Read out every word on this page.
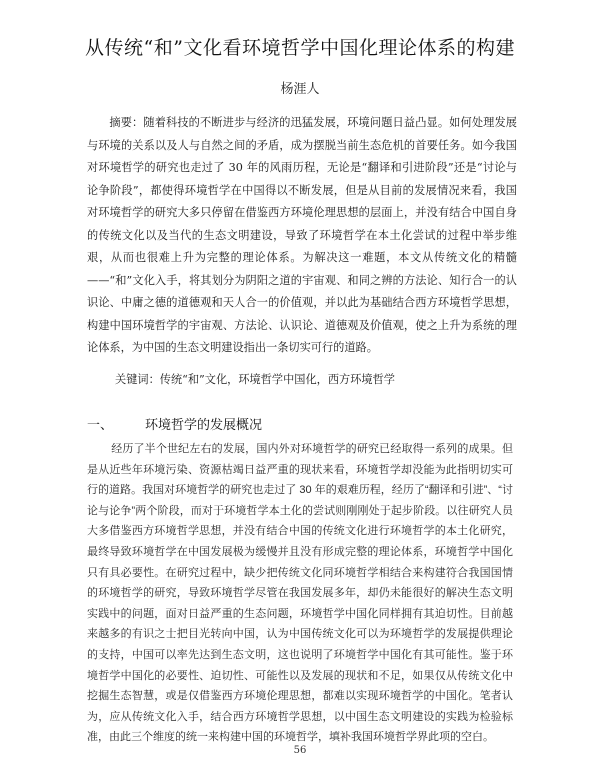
从传统“和”文化看环境哲学中国化理论体系的构建
杨涯人
摘要：随着科技的不断进步与经济的迅猛发展，环境问题日益凸显。如何处理发展与环境的关系以及人与自然之间的矛盾，成为摆脱当前生态危机的首要任务。如今我国对环境哲学的研究也走过了 30 年的风雨历程，无论是“翻译和引进阶段”还是“讨论与论争阶段”，都使得环境哲学在中国得以不断发展，但是从目前的发展情况来看，我国对环境哲学的研究大多只停留在借鉴西方环境伦理思想的层面上，并没有结合中国自身的传统文化以及当代的生态文明建设，导致了环境哲学在本土化尝试的过程中举步维艰，从而也很难上升为完整的理论体系。为解决这一难题，本文从传统文化的精髓——“和”文化入手，将其划分为阴阳之道的宇宙观、和同之辨的方法论、知行合一的认识论、中庸之德的道德观和天人合一的价值观，并以此为基础结合西方环境哲学思想，构建中国环境哲学的宇宙观、方法论、认识论、道德观及价值观，使之上升为系统的理论体系，为中国的生态文明建设指出一条切实可行的道路。
关键词：传统“和”文化，环境哲学中国化，西方环境哲学
一、 环境哲学的发展概况
经历了半个世纪左右的发展，国内外对环境哲学的研究已经取得一系列的成果。但是从近些年环境污染、资源枯竭日益严重的现状来看，环境哲学却没能为此指明切实可行的道路。我国对环境哲学的研究也走过了 30 年的艰难历程，经历了“翻译和引进”、“讨论与论争”两个阶段，而对于环境哲学本土化的尝试则刚刚处于起步阶段。以往研究人员大多借鉴西方环境哲学思想，并没有结合中国的传统文化进行环境哲学的本土化研究，最终导致环境哲学在中国发展极为缓慢并且没有形成完整的理论体系，环境哲学中国化只有具必要性。在研究过程中，缺少把传统文化同环境哲学相结合来构建符合我国国情的环境哲学的研究，导致环境哲学尽管在我国发展多年，却仍未能很好的解决生态文明实践中的问题，面对日益严重的生态问题，环境哲学中国化同样拥有其迫切性。目前越来越多的有识之士把目光转向中国，认为中国传统文化可以为环境哲学的发展提供理论的支持，中国可以率先达到生态文明，这也说明了环境哲学中国化有其可能性。鉴于环境哲学中国化的必要性、迫切性、可能性以及发展的现状和不足，如果仅从传统文化中挖掘生态智慧，或是仅借鉴西方环境伦理思想，都难以实现环境哲学的中国化。笔者认为，应从传统文化入手，结合西方环境哲学思想，以中国生态文明建设的实践为检验标准，由此三个维度的统一来构建中国的环境哲学，填补我国环境哲学界此项的空白。
56
